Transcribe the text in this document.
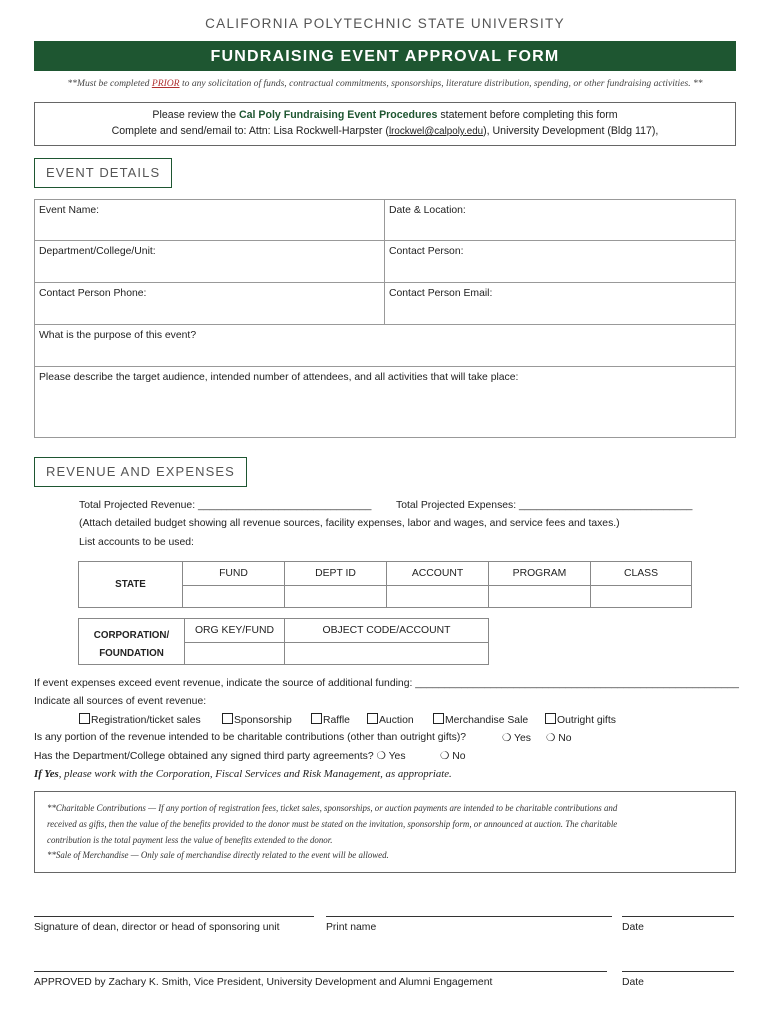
CALIFORNIA POLYTECHNIC STATE UNIVERSITY
FUNDRAISING EVENT APPROVAL FORM
**Must be completed PRIOR to any solicitation of funds, contractual commitments, sponsorships, literature distribution, spending, or other fundraising activities. **
Please review the Cal Poly Fundraising Event Procedures statement before completing this form
Complete and send/email to: Attn: Lisa Rockwell-Harpster (lrockwel@calpoly.edu), University Development (Bldg 117),
EVENT DETAILS
Event Name:	Date & Location:
Department/College/Unit:	Contact Person:
Contact Person Phone:	Contact Person Email:
What is the purpose of this event?
Please describe the target audience, intended number of attendees, and all activities that will take place:
REVENUE AND EXPENSES
Total Projected Revenue: ______________________________ Total Projected Expenses: ______________________________
(Attach detailed budget showing all revenue sources, facility expenses, labor and wages, and service fees and taxes.)
List accounts to be used:
STATE
FUND	DEPT ID	ACCOUNT	PROGRAM	CLASS
CORPORATION/
FOUNDATION
ORG KEY/FUND	OBJECT CODE/ACCOUNT
If event expenses exceed event revenue, indicate the source of additional funding: ________________________________________________________
Indicate all sources of event revenue:
Registration/ticket sales	Sponsorship	Raffle	Auction	Merchandise Sale	Outright gifts
Is any portion of the revenue intended to be charitable contributions (other than outright gifts)?	❍ Yes ❍ No
Has the Department/College obtained any signed third party agreements? ❍ Yes	❍ No
If Yes, please work with the Corporation, Fiscal Services and Risk Management, as appropriate.
**Charitable Contributions — If any portion of registration fees, ticket sales, sponsorships, or auction payments are intended to be charitable contributions and
received as gifts, then the value of the benefits provided to the donor must be stated on the invitation, sponsorship form, or announced at auction. The charitable
contribution is the total payment less the value of benefits extended to the donor.
**Sale of Merchandise — Only sale of merchandise directly related to the event will be allowed.
Signature of dean, director or head of sponsoring unit	Print name	Date
APPROVED by Zachary K. Smith, Vice President, University Development and Alumni Engagement	Date
